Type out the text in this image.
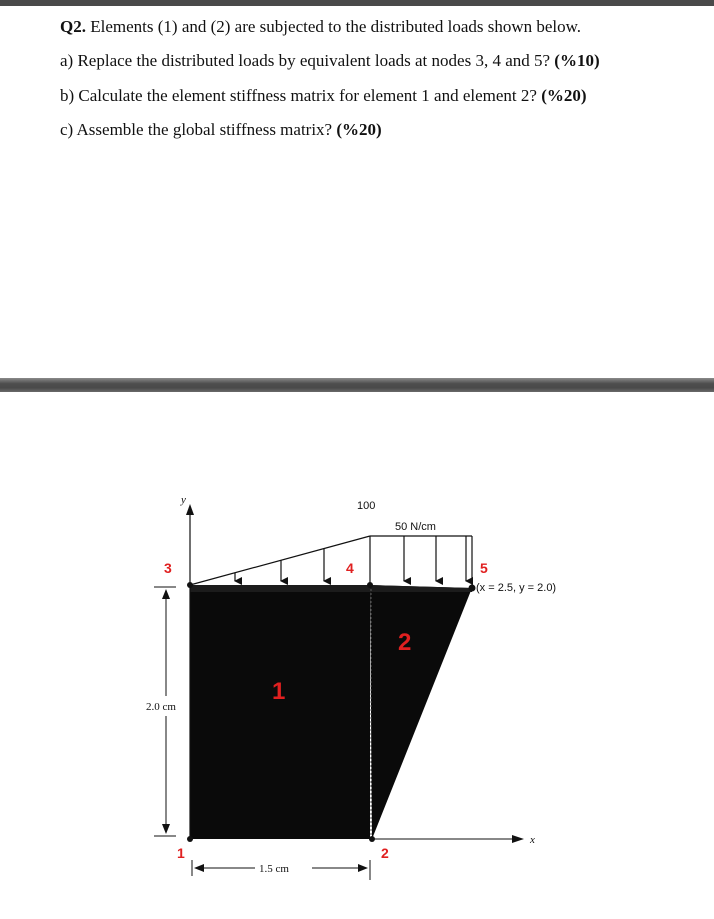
Q2. Elements (1) and (2) are subjected to the distributed loads shown below.
a) Replace the distributed loads by equivalent loads at nodes 3, 4 and 5? (%10)
b) Calculate the element stiffness matrix for element 1 and element 2? (%20)
c) Assemble the global stiffness matrix? (%20)
y
x
100
50 N/cm
3	4	5
(x = 2.5, y = 2.0)
1	2
1
2
2.0 cm
1.5 cm
